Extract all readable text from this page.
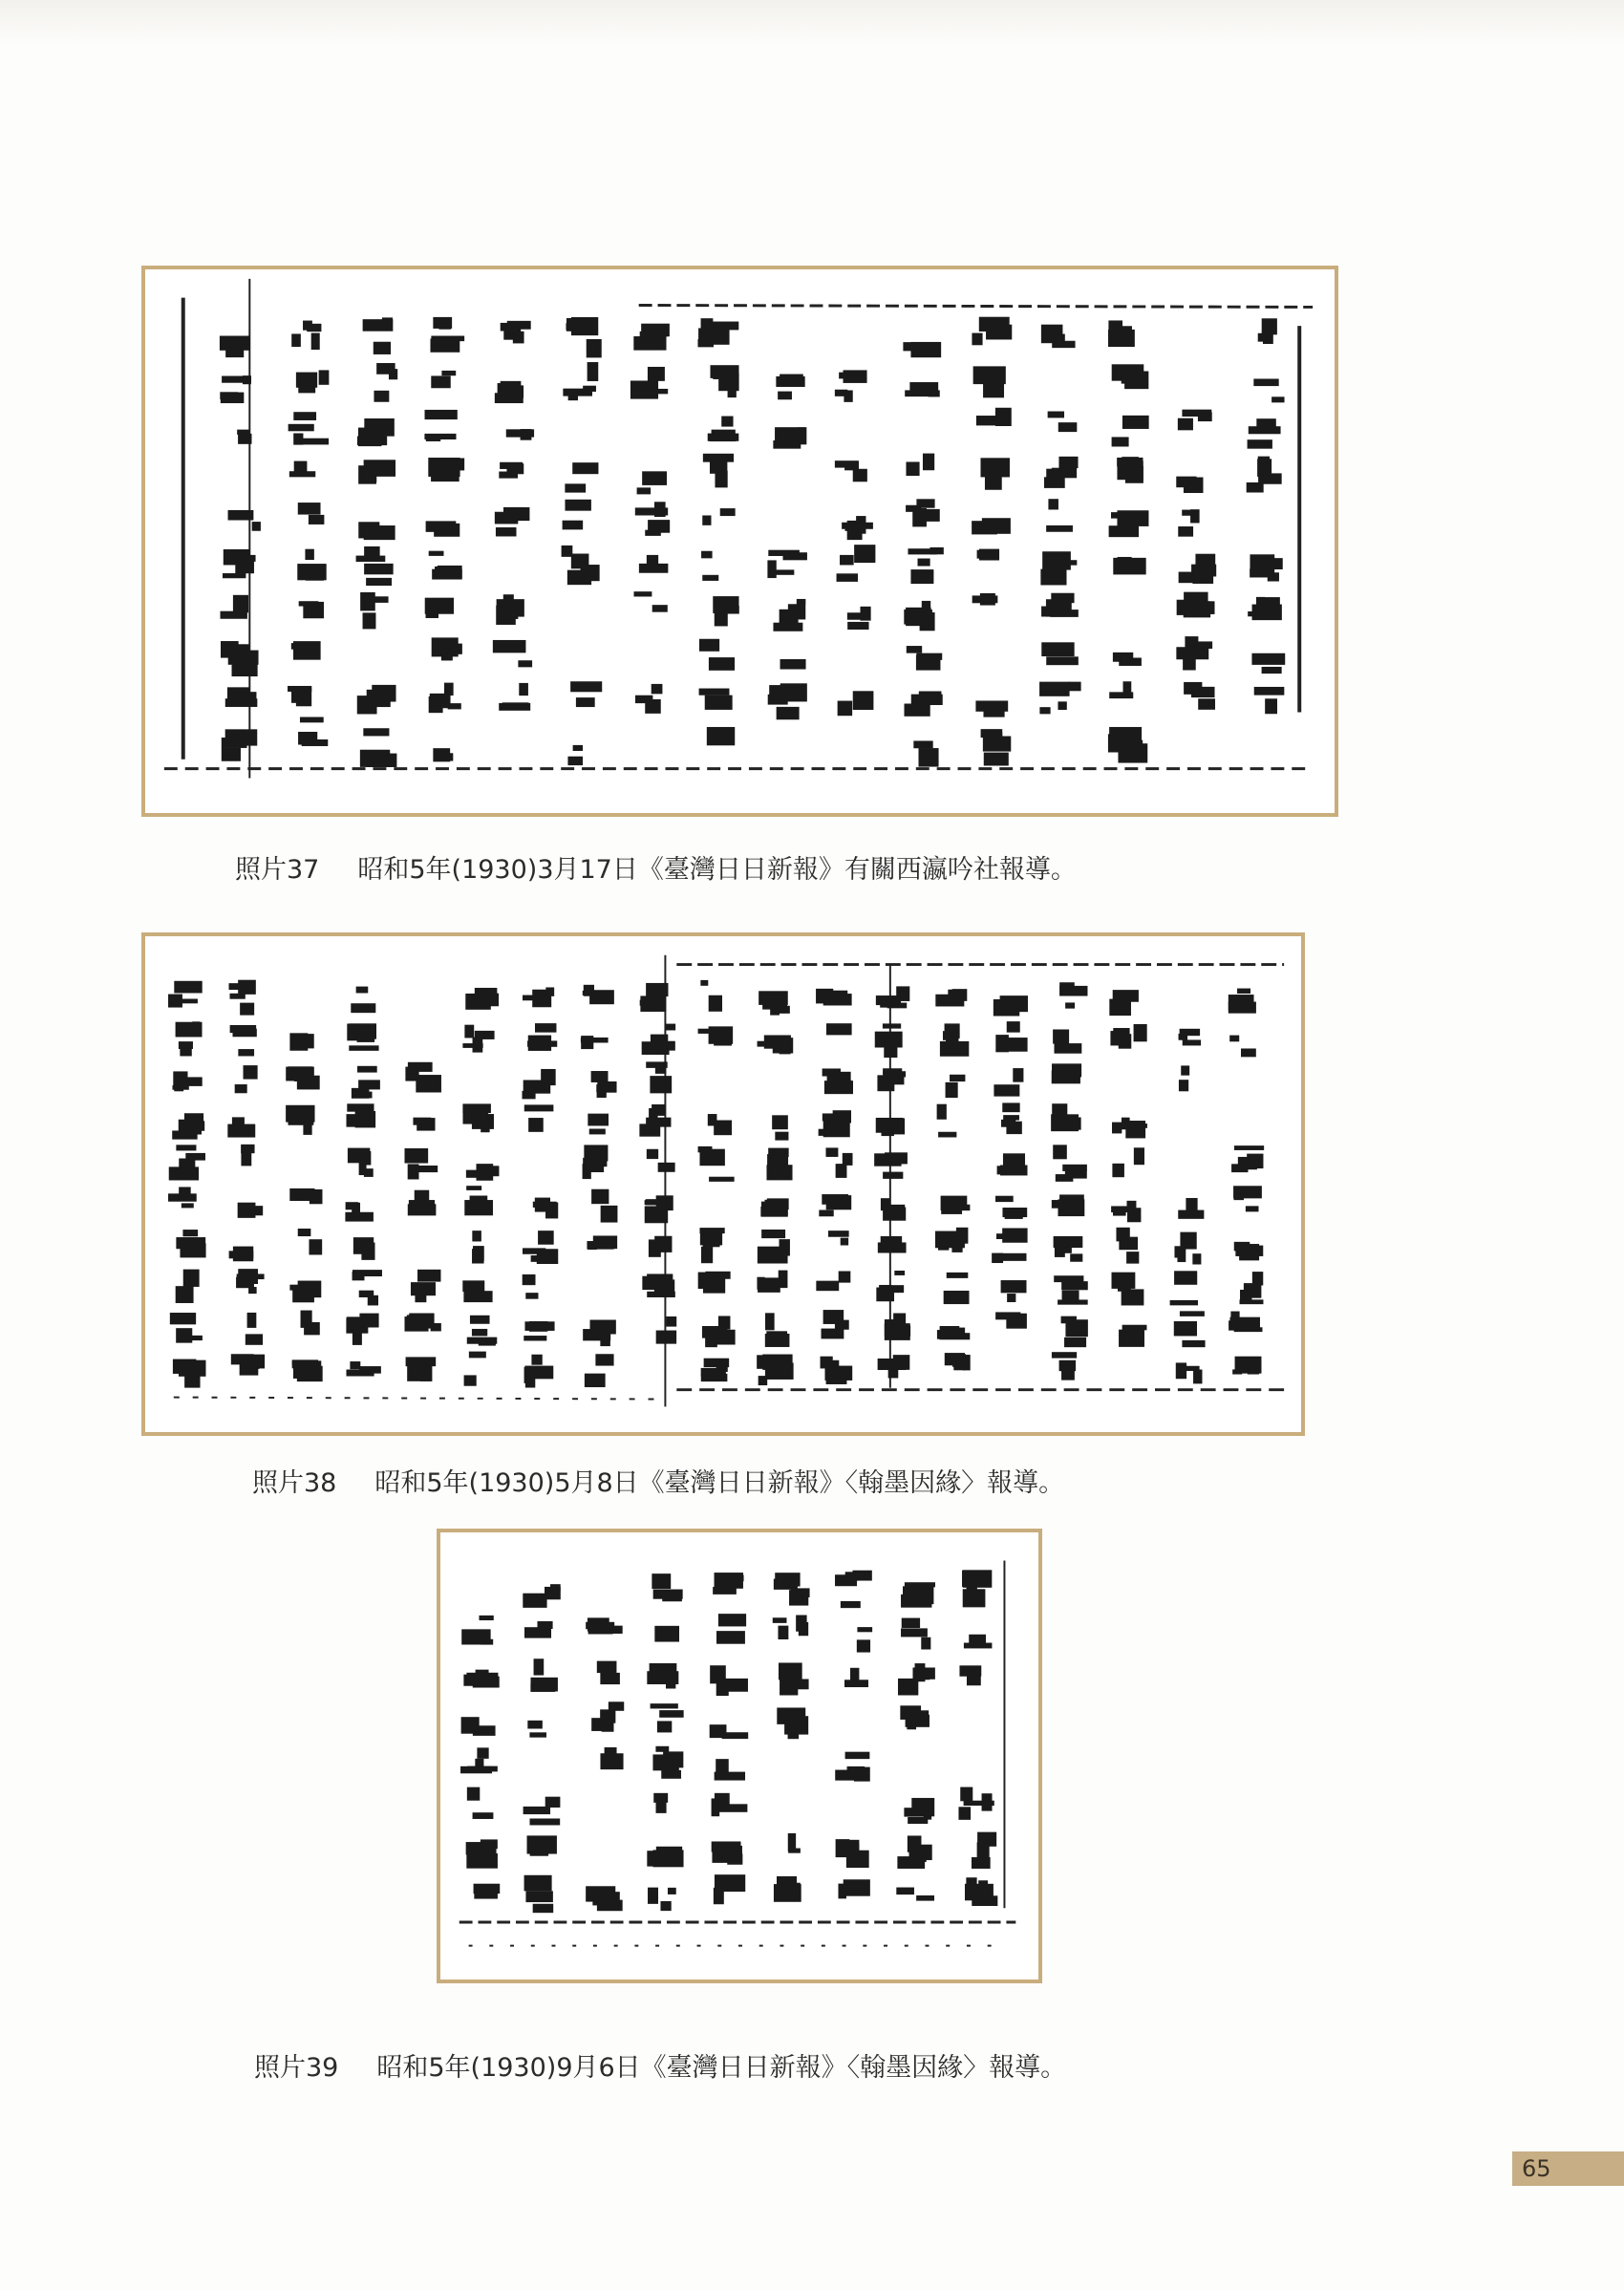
照片37 昭和5年(1930)3月17日《臺灣日日新報》有關西瀛吟社報導。
照片38 昭和5年(1930)5月8日《臺灣日日新報》〈翰墨因緣〉報導。
照片39 昭和5年(1930)9月6日《臺灣日日新報》〈翰墨因緣〉報導。
65
